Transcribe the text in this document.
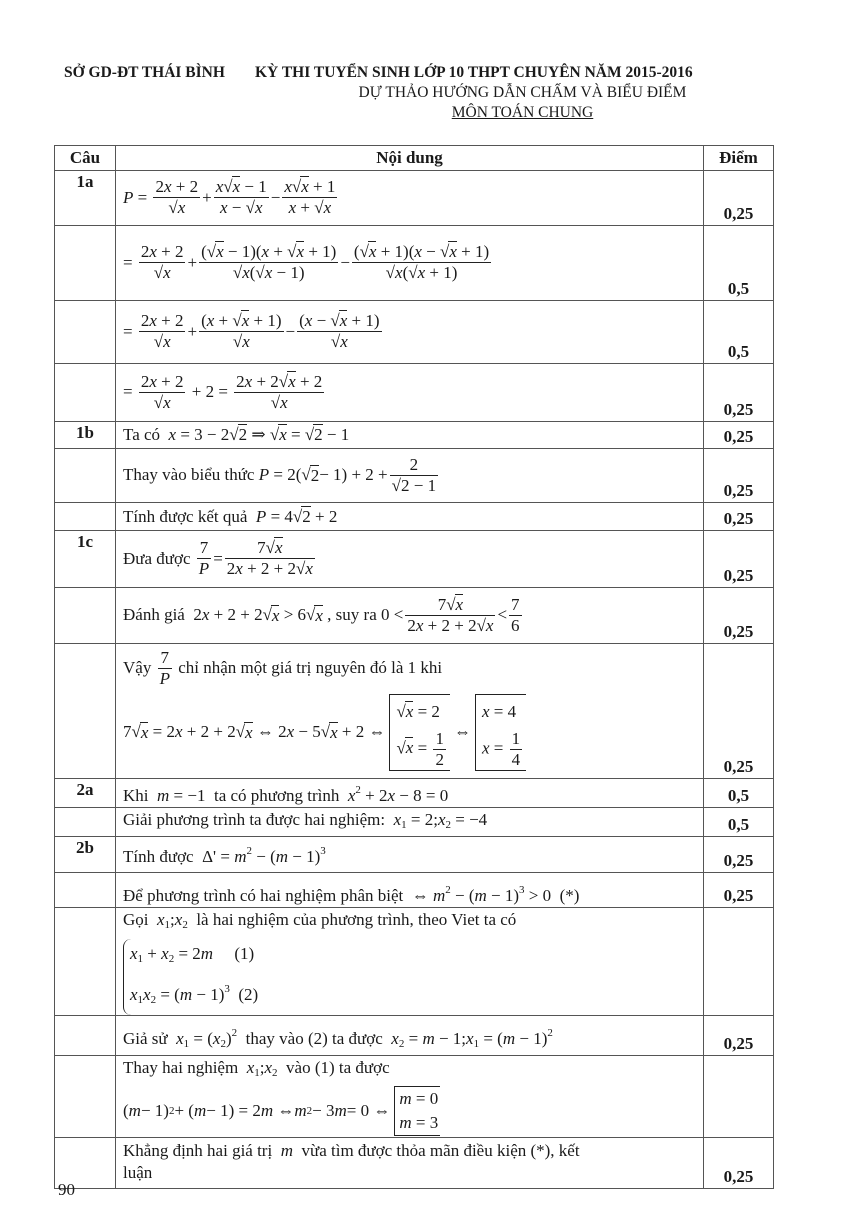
SỞ GD-ĐT THÁI BÌNH KỲ THI TUYỂN SINH LỚP 10 THPT CHUYÊN NĂM 2015-2016
DỰ THẢO HƯỚNG DẪN CHẤM VÀ BIỂU ĐIỂM
MÔN TOÁN CHUNG
Câu	Nội dung	Điểm
1a	
P =
2x + 2
√x
+
x√x − 1
x − √x
−
x√x + 1
x + √x	0,25

=
2x + 2
√x
+
(√x − 1)(x + √x + 1)
√x(√x − 1)
−
(√x + 1)(x − √x + 1)
√x(√x + 1)
	0,5

=
2x + 2
√x
+
(x + √x + 1)
√x
−
(x − √x + 1)
√x
	0,5

=
2x + 2
√x
+ 2 =
2x + 2√x + 2
√x	0,25
1b	Ta có x = 3 − 2√2 ⇒ √x = √2 − 1	0,25

Thay vào biểu thức
P = 2(√ 2 − 1) + 2 +
2
√2 − 1	0,25

	Tính được kết quả P = 4√2 + 2	0,25
1c	
Đưa được

7
P
=
7√x
2x + 2 + 2√x	0,25

Đánh giá 2 x + 2 + 2√ x > 6√ x
, suy ra 0 <
7√x
2x + 2 + 2√x
<
7
6	0,25

Vậy

7
P

chỉ nhận một giá trị nguyên đó là 1 khi
7√ x = 2 x + 2 + 2√ x ⇔ 2 x − 5√ x + 2 ⇔
√x = 2
$√x = \frac{1}{2}$ ⇔
x = 4
$x = \frac{1}{4}$	0,25
2a	Khi m = −1  ta có phương trình $x^2 + 2x - 8 = 0$	0,5

	Giải phương trình ta được hai nghiệm: $x_1$ = $2;x_2 = -4$	0,5
2b	Tính được  $\Delta' = m^2 - (m - 1)^3$	0,25

	Để phương trình có hai nghiệm phân biệt  ⇔ $m^2 - (m - 1)^3 > 0$  (*)	0,25

	Gọi $x_1;x_2$ là hai nghiệm của phương trình, theo Viet ta có
$x_1 + x_2 = 2m$ (1)
$x_1x_2 = (m - 1)^3$ (2)	

	Giả sử $x_1 = (x_2)^2$ thay vào (2) ta được $x_2 = m$ − $1;x_1 = (m - 1)^2$	0,25

Thay hai nghiệm $x_1;x_2$ vào (1) ta được
( m − 1) 2 + ( m − 1) = 2 m ⇔ m 2 − 3 m = 0 ⇔
m = 0
m = 3

	Khẳng định hai giá trị m vừa tìm được thỏa mãn điều kiện (*), kết
luận	0,25
90
